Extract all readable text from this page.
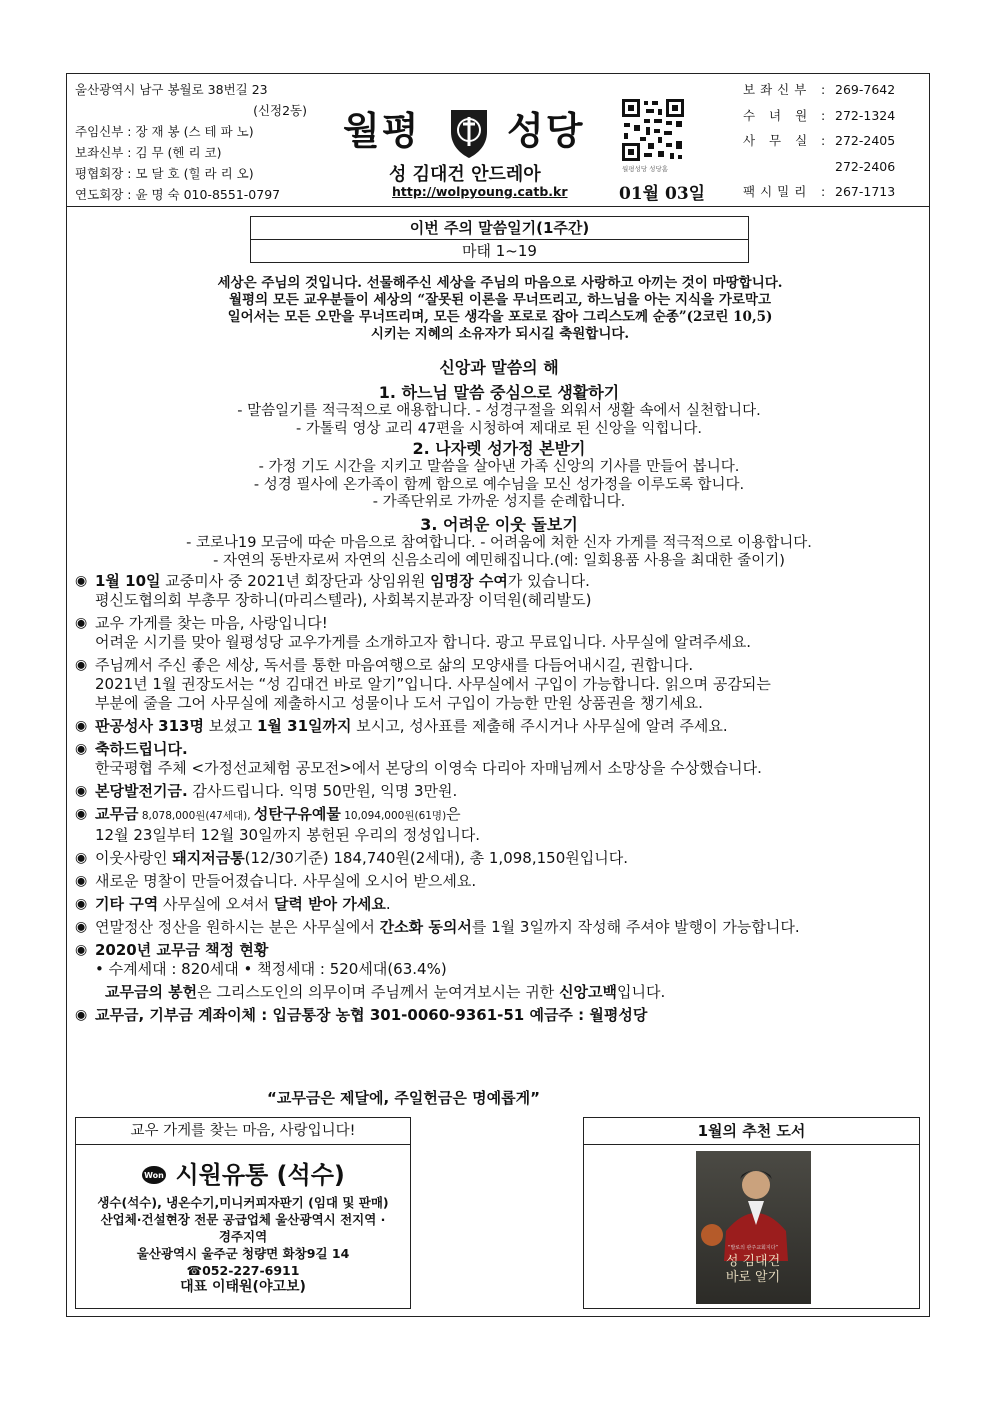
울산광역시 남구 봉월로 38번길 23
(신정2동)
주임신부 : 장 재 봉 (스 테 파 노)
보좌신부 : 김 무 (헨 리 코)
평협회장 : 모 달 호 (힐 라 리 오)
연도회장 : 윤 명 숙 010-8551-0797
월평 성당
성 김대건 안드레아
http://wolpyoung.catb.kr
월평성당 성당홈
01월 03일
보좌신부 : 269-7642
수 녀 원 : 272-1324
사 무 실 : 272-2405
272-2406
팩시밀리 : 267-1713
이번 주의 말씀일기(1주간)
마태 1~19
세상은 주님의 것입니다. 선물해주신 세상을 주님의 마음으로 사랑하고 아끼는 것이 마땅합니다.
월평의 모든 교우분들이 세상의 “잘못된 이론을 무너뜨리고, 하느님을 아는 지식을 가로막고
일어서는 모든 오만을 무너뜨리며, 모든 생각을 포로로 잡아 그리스도께 순종”(2코린 10,5)
시키는 지혜의 소유자가 되시길 축원합니다.
신앙과 말씀의 해
1. 하느님 말씀 중심으로 생활하기
- 말씀일기를 적극적으로 애용합니다. - 성경구절을 외워서 생활 속에서 실천합니다.
- 가톨릭 영상 교리 47편을 시청하여 제대로 된 신앙을 익힙니다.
2. 나자렛 성가정 본받기
- 가정 기도 시간을 지키고 말씀을 살아낸 가족 신앙의 기사를 만들어 봅니다.
- 성경 필사에 온가족이 함께 함으로 예수님을 모신 성가정을 이루도록 합니다.
- 가족단위로 가까운 성지를 순례합니다.
3. 어려운 이웃 돌보기
- 코로나19 모금에 따순 마음으로 참여합니다. - 어려움에 처한 신자 가게를 적극적으로 이용합니다.
- 자연의 동반자로써 자연의 신음소리에 예민해집니다.(예: 일회용품 사용을 최대한 줄이기)
◉ 1월 10일 교중미사 중 2021년 회장단과 상임위원 임명장 수여가 있습니다.
평신도협의회 부총무 장하니(마리스텔라), 사회복지분과장 이덕원(헤리발도)
◉ 교우 가게를 찾는 마음, 사랑입니다!
어려운 시기를 맞아 월평성당 교우가게를 소개하고자 합니다. 광고 무료입니다. 사무실에 알려주세요.
◉ 주님께서 주신 좋은 세상, 독서를 통한 마음여행으로 삶의 모양새를 다듬어내시길, 권합니다.
2021년 1월 권장도서는 “성 김대건 바로 알기”입니다. 사무실에서 구입이 가능합니다. 읽으며 공감되는
부분에 줄을 그어 사무실에 제출하시고 성물이나 도서 구입이 가능한 만원 상품권을 챙기세요.
◉ 판공성사 313명 보셨고 1월 31일까지 보시고, 성사표를 제출해 주시거나 사무실에 알려 주세요.
◉ 축하드립니다.
한국평협 주체 <가정선교체험 공모전>에서 본당의 이영숙 다리아 자매님께서 소망상을 수상했습니다.
◉ 본당발전기금. 감사드립니다. 익명 50만원, 익명 3만원.
◉ 교무금 8,078,000원(47세대), 성탄구유예물 10,094,000원(61명)은
12월 23일부터 12월 30일까지 봉헌된 우리의 정성입니다.
◉ 이웃사랑인 돼지저금통(12/30기준) 184,740원(2세대), 총 1,098,150원입니다.
◉ 새로운 명찰이 만들어졌습니다. 사무실에 오시어 받으세요.
◉ 기타 구역 사무실에 오셔서 달력 받아 가세요.
◉ 연말정산 정산을 원하시는 분은 사무실에서 간소화 동의서를 1월 3일까지 작성해 주셔야 발행이 가능합니다.
◉ 2020년 교무금 책정 현황
• 수계세대 : 820세대 • 책정세대 : 520세대(63.4%)
교무금의 봉헌은 그리스도인의 의무이며 주님께서 눈여겨보시는 귀한 신앙고백입니다.
◉ 교무금, 기부금 계좌이체 : 입금통장 농협 301-0060-9361-51 예금주 : 월평성당
“교무금은 제달에, 주일헌금은 명예롭게”
교우 가게를 찾는 마음, 사랑입니다!
Won 시원유통 (석수)
생수(석수), 냉온수기,미니커피자판기 (임대 및 판매)
산업체·건설현장 전문 공급업체 울산광역시 전지역 ·
경주지역
울산광역시 울주군 청량면 화창9길 14
☎052-227-6911
대표 이태원(야고보)
1월의 추천 도서
“발로의 관주교회지다”
성 김대건
바로 알기
